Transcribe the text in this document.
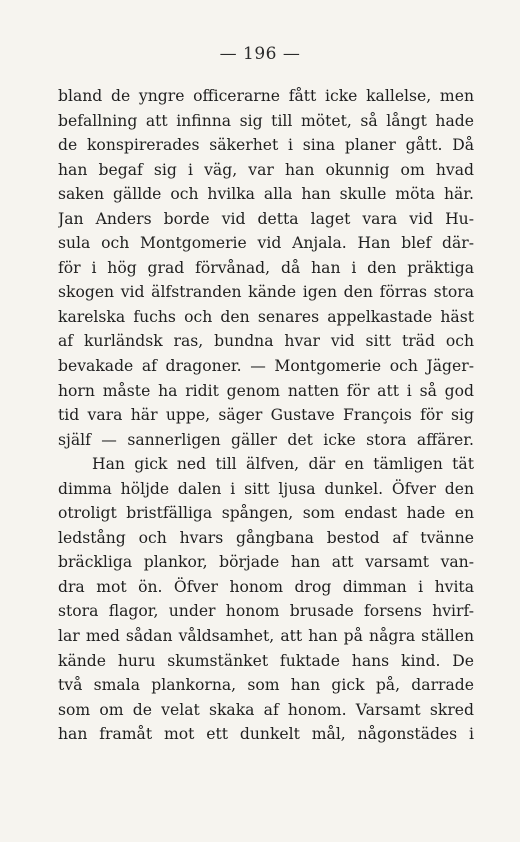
— 196 —
bland de yngre officerarne fått icke kallelse, men
befallning att infinna sig till mötet, så långt hade
de konspirerades säkerhet i sina planer gått. Då
han begaf sig i väg, var han okunnig om hvad
saken gällde och hvilka alla han skulle möta här.
Jan Anders borde vid detta laget vara vid Hu-
sula och Montgomerie vid Anjala. Han blef där-
för i hög grad förvånad, då han i den präktiga
skogen vid älfstranden kände igen den förras stora
karelska fuchs och den senares appelkastade häst
af kurländsk ras, bundna hvar vid sitt träd och
bevakade af dragoner. — Montgomerie och Jäger-
horn måste ha ridit genom natten för att i så god
tid vara här uppe, säger Gustave François för sig
själf — sannerligen gäller det icke stora affärer.
Han gick ned till älfven, där en tämligen tät
dimma höljde dalen i sitt ljusa dunkel. Öfver den
otroligt bristfälliga spången, som endast hade en
ledstång och hvars gångbana bestod af tvänne
bräckliga plankor, började han att varsamt van-
dra mot ön. Öfver honom drog dimman i hvita
stora flagor, under honom brusade forsens hvirf-
lar med sådan våldsamhet, att han på några ställen
kände huru skumstänket fuktade hans kind. De
två smala plankorna, som han gick på, darrade
som om de velat skaka af honom. Varsamt skred
han framåt mot ett dunkelt mål, någonstädes i
